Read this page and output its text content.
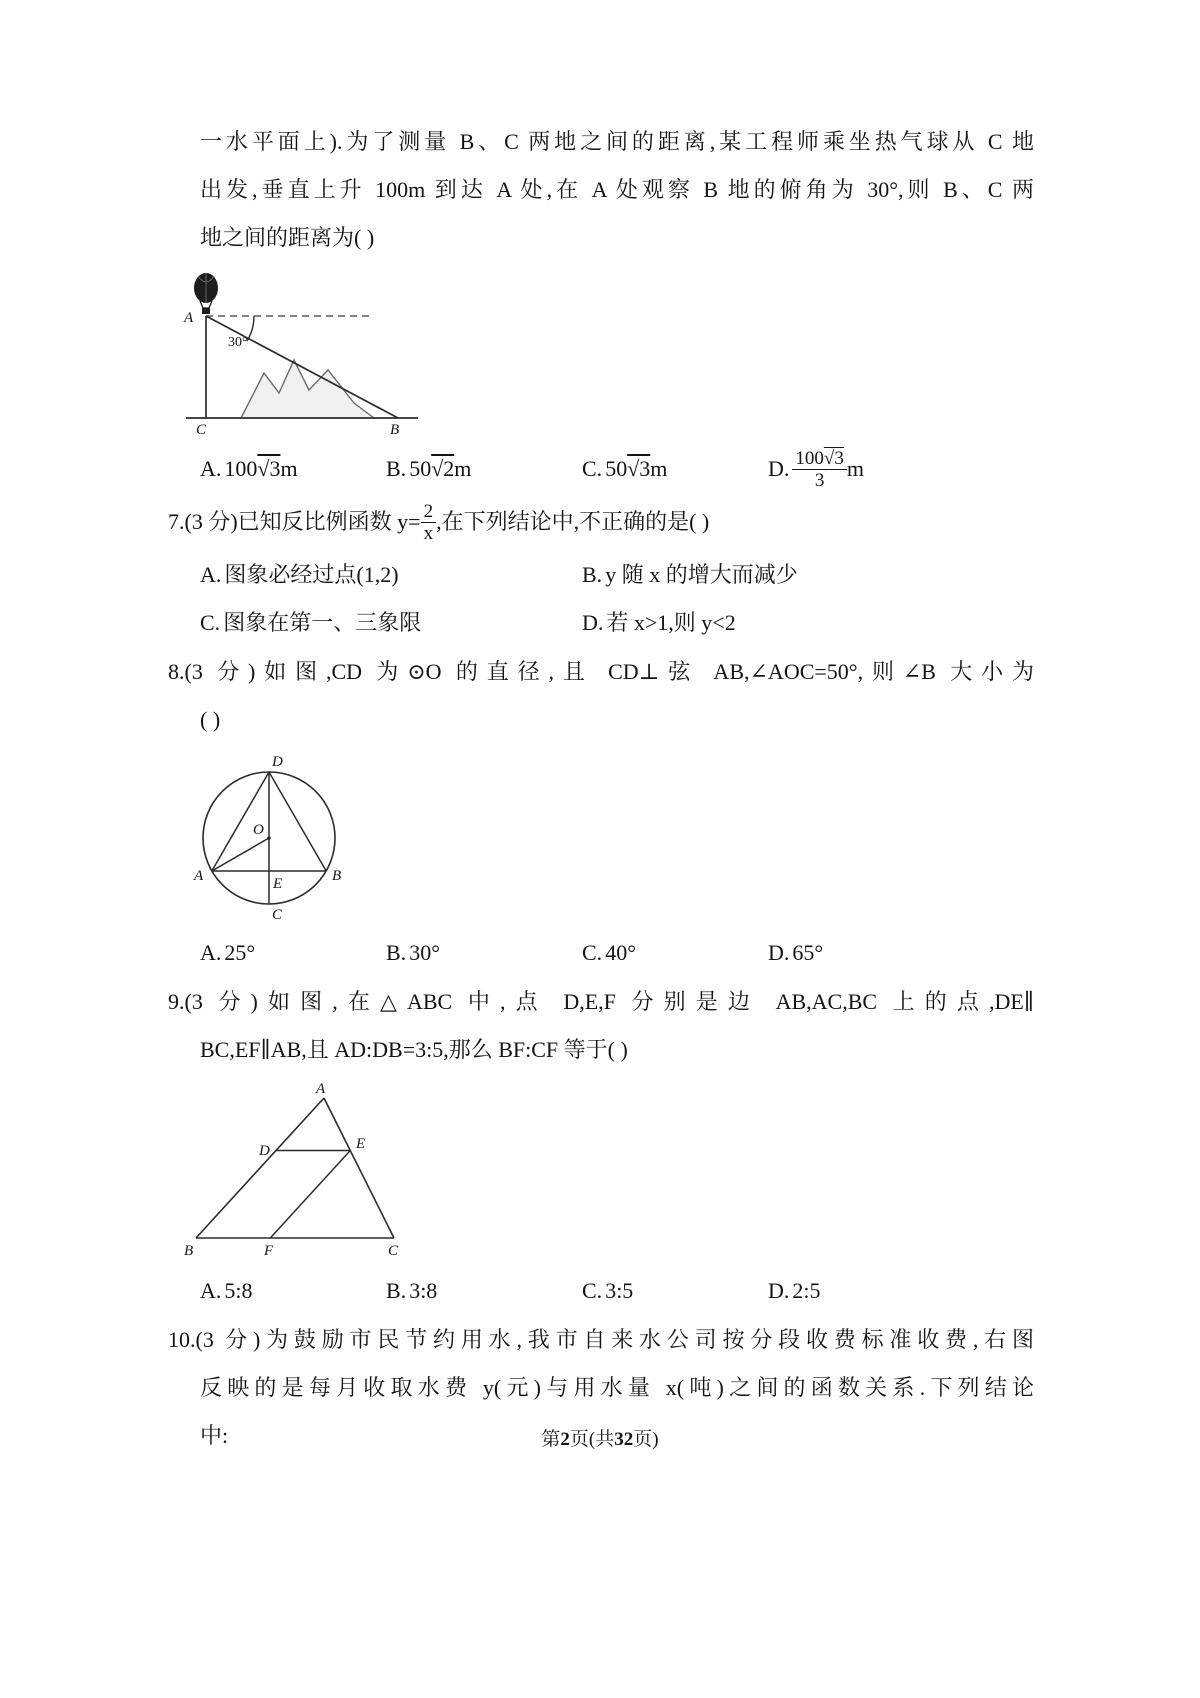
一水平面上).为了测量 B、C 两地之间的距离,某工程师乘坐热气球从 C 地
出发,垂直上升 100m 到达 A 处,在 A 处观察 B 地的俯角为 30°,则 B、C 两
地之间的距离为( )
A
30°
C	B
A. 100√3m	B. 50√2m	C. 50√3m	D. $\frac{100√3}{3}$ m
7.(3 分)已知反比例函数 $y= \frac{2}{x}$ ,在下列结论中,不正确的是( )
A. 图象必经过点(1,2)	B. y 随 x 的增大而减少
C. 图象在第一、三象限	D. 若 x>1,则 y<2
8.(3 分)如图,CD 为⊙O 的直径,且 CD⊥弦 AB,∠AOC=50°,则∠B 大小为
( )
D
O
A	E	B
C
A. 25°	B. 30°	C. 40°	D. 65°
9.(3 分)如图,在△ABC 中,点 D,E,F 分别是边 AB,AC,BC 上的点,DE∥
BC,EF∥AB,且 AD:DB=3:5,那么 BF:CF 等于( )
A
D	E
B	F	C
A. 5:8	B. 3:8	C. 3:5	D. 2:5
10.(3 分)为鼓励市民节约用水,我市自来水公司按分段收费标准收费,右图
反映的是每月收取水费 y(元)与用水量 x(吨)之间的函数关系.下列结论
中:	第2页(共32页)
